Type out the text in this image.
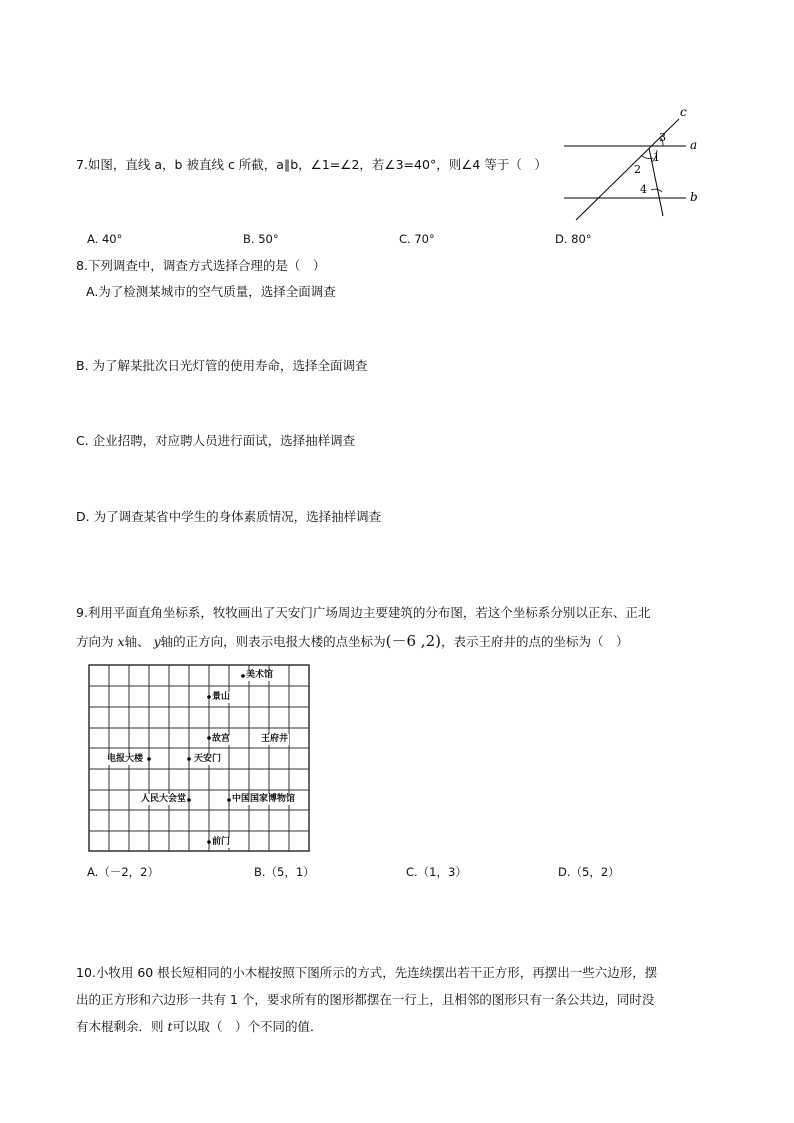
7.如图，直线 a，b 被直线 c 所截，a∥b，∠1=∠2，若∠3=40°，则∠4 等于（　）
c
a
b
3
1
2
4
A. 40°	B. 50°	C. 70°	D. 80°
8.下列调查中，调查方式选择合理的是（　）
A.为了检测某城市的空气质量，选择全面调查
B. 为了解某批次日光灯管的使用寿命，选择全面调查
C. 企业招聘，对应聘人员进行面试，选择抽样调查
D. 为了调查某省中学生的身体素质情况，选择抽样调查
9.利用平面直角坐标系，牧牧画出了天安门广场周边主要建筑的分布图，若这个坐标系分别以正东、正北
方向为 x轴、 y轴的正方向，则表示电报大楼的点坐标为(－6 ,2)，表示王府井的点的坐标为（　）
美术馆
景山
故宫	王府井
电报大楼	天安门
人民大会堂	中国国家博物馆
前门
A.（－2，2）	B.（5，1）	C.（1，3）	D.（5，2）
10.小牧用 60 根长短相同的小木棍按照下图所示的方式，先连续摆出若干正方形，再摆出一些六边形，摆
出的正方形和六边形一共有 1 个，要求所有的图形都摆在一行上，且相邻的图形只有一条公共边，同时没
有木棍剩余．则 t可以取（　）个不同的值．
